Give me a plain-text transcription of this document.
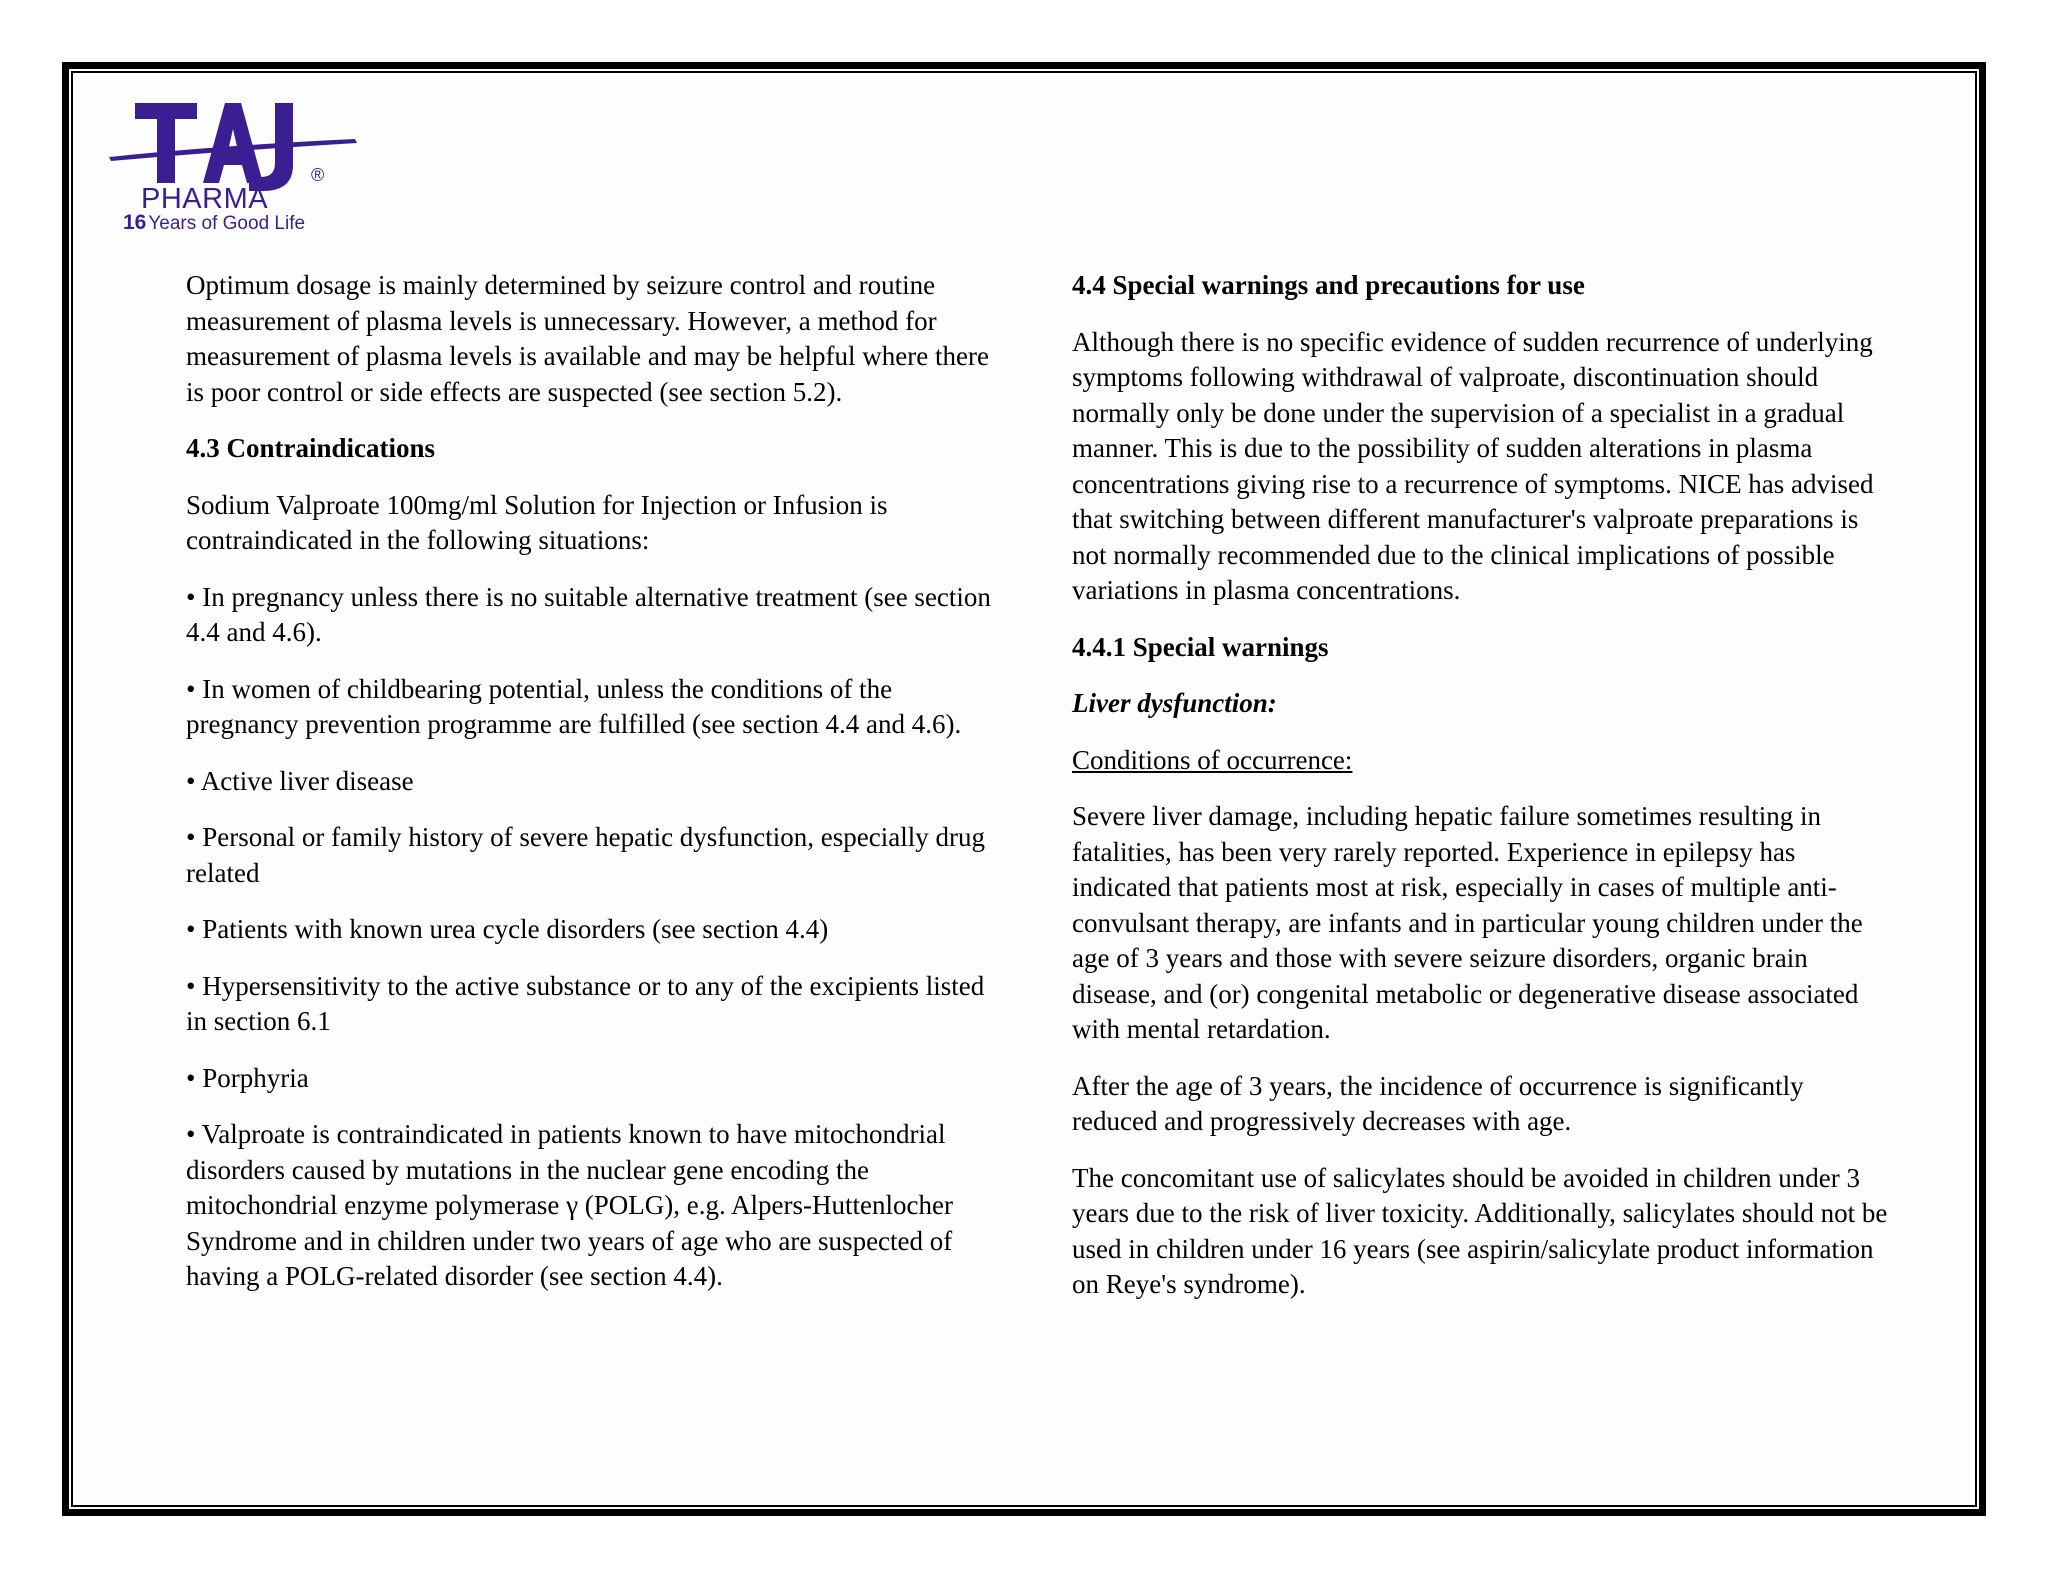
PHARMA
®
16 Years of Good Life

Optimum dosage is mainly determined by seizure control and routine measurement of plasma levels is unnecessary. However, a method for measurement of plasma levels is available and may be helpful where there is poor control or side effects are suspected (see section 5.2).

4.3 Contraindications

Sodium Valproate 100mg/ml Solution for Injection or Infusion is contraindicated in the following situations:

• In pregnancy unless there is no suitable alternative treatment (see section 4.4 and 4.6).

• In women of childbearing potential, unless the conditions of the pregnancy prevention programme are fulfilled (see section 4.4 and 4.6).

• Active liver disease

• Personal or family history of severe hepatic dysfunction, especially drug related

• Patients with known urea cycle disorders (see section 4.4)

• Hypersensitivity to the active substance or to any of the excipients listed in section 6.1

• Porphyria

• Valproate is contraindicated in patients known to have mitochondrial disorders caused by mutations in the nuclear gene encoding the mitochondrial enzyme polymerase γ (POLG), e.g. Alpers-Huttenlocher Syndrome and in children under two years of age who are suspected of having a POLG-related disorder (see section 4.4).

4.4 Special warnings and precautions for use

Although there is no specific evidence of sudden recurrence of underlying symptoms following withdrawal of valproate, discontinuation should normally only be done under the supervision of a specialist in a gradual manner. This is due to the possibility of sudden alterations in plasma concentrations giving rise to a recurrence of symptoms. NICE has advised that switching between different manufacturer's valproate preparations is not normally recommended due to the clinical implications of possible variations in plasma concentrations.

4.4.1 Special warnings
Liver dysfunction:

Conditions of occurrence:

Severe liver damage, including hepatic failure sometimes resulting in fatalities, has been very rarely reported. Experience in epilepsy has indicated that patients most at risk, especially in cases of multiple anti-convulsant therapy, are infants and in particular young children under the age of 3 years and those with severe seizure disorders, organic brain disease, and (or) congenital metabolic or degenerative disease associated with mental retardation.

After the age of 3 years, the incidence of occurrence is significantly reduced and progressively decreases with age.

The concomitant use of salicylates should be avoided in children under 3 years due to the risk of liver toxicity. Additionally, salicylates should not be used in children under 16 years (see aspirin/salicylate product information on Reye's syndrome).
